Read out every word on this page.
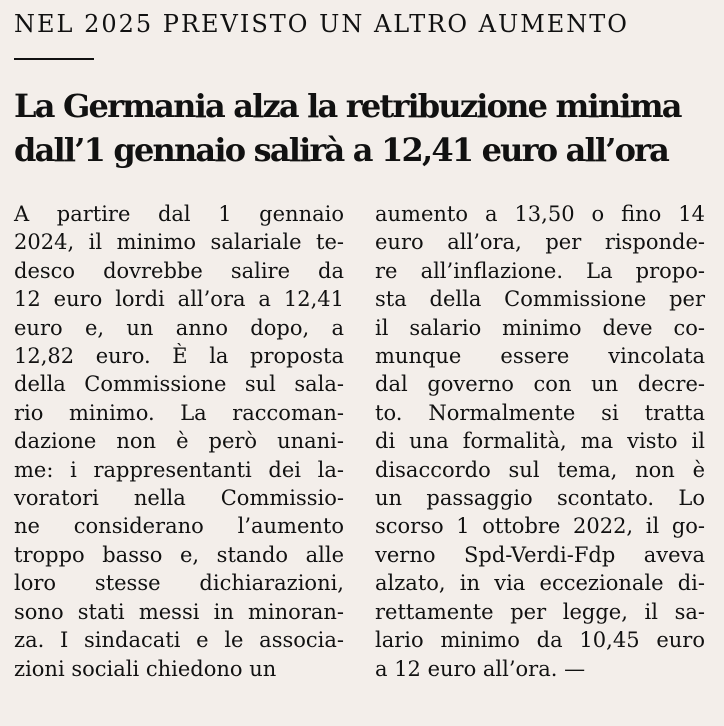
NEL 2025 PREVISTO UN ALTRO AUMENTO
La Germania alza la retribuzione minima
dall’1 gennaio salirà a 12,41 euro all’ora
A partire dal 1 gennaio
2024, il minimo salariale te-
desco dovrebbe salire da
12 euro lordi all’ora a 12,41
euro e, un anno dopo, a
12,82 euro. È la proposta
della Commissione sul sala-
rio minimo. La raccoman-
dazione non è però unani-
me: i rappresentanti dei la-
voratori nella Commissio-
ne considerano l’aumento
troppo basso e, stando alle
loro stesse dichiarazioni,
sono stati messi in minoran-
za. I sindacati e le associa-
zioni sociali chiedono un
aumento a 13,50 o fino 14
euro all’ora, per risponde-
re all’inflazione. La propo-
sta della Commissione per
il salario minimo deve co-
munque essere vincolata
dal governo con un decre-
to. Normalmente si tratta
di una formalità, ma visto il
disaccordo sul tema, non è
un passaggio scontato. Lo
scorso 1 ottobre 2022, il go-
verno Spd-Verdi-Fdp aveva
alzato, in via eccezionale di-
rettamente per legge, il sa-
lario minimo da 10,45 euro
a 12 euro all’ora. —
